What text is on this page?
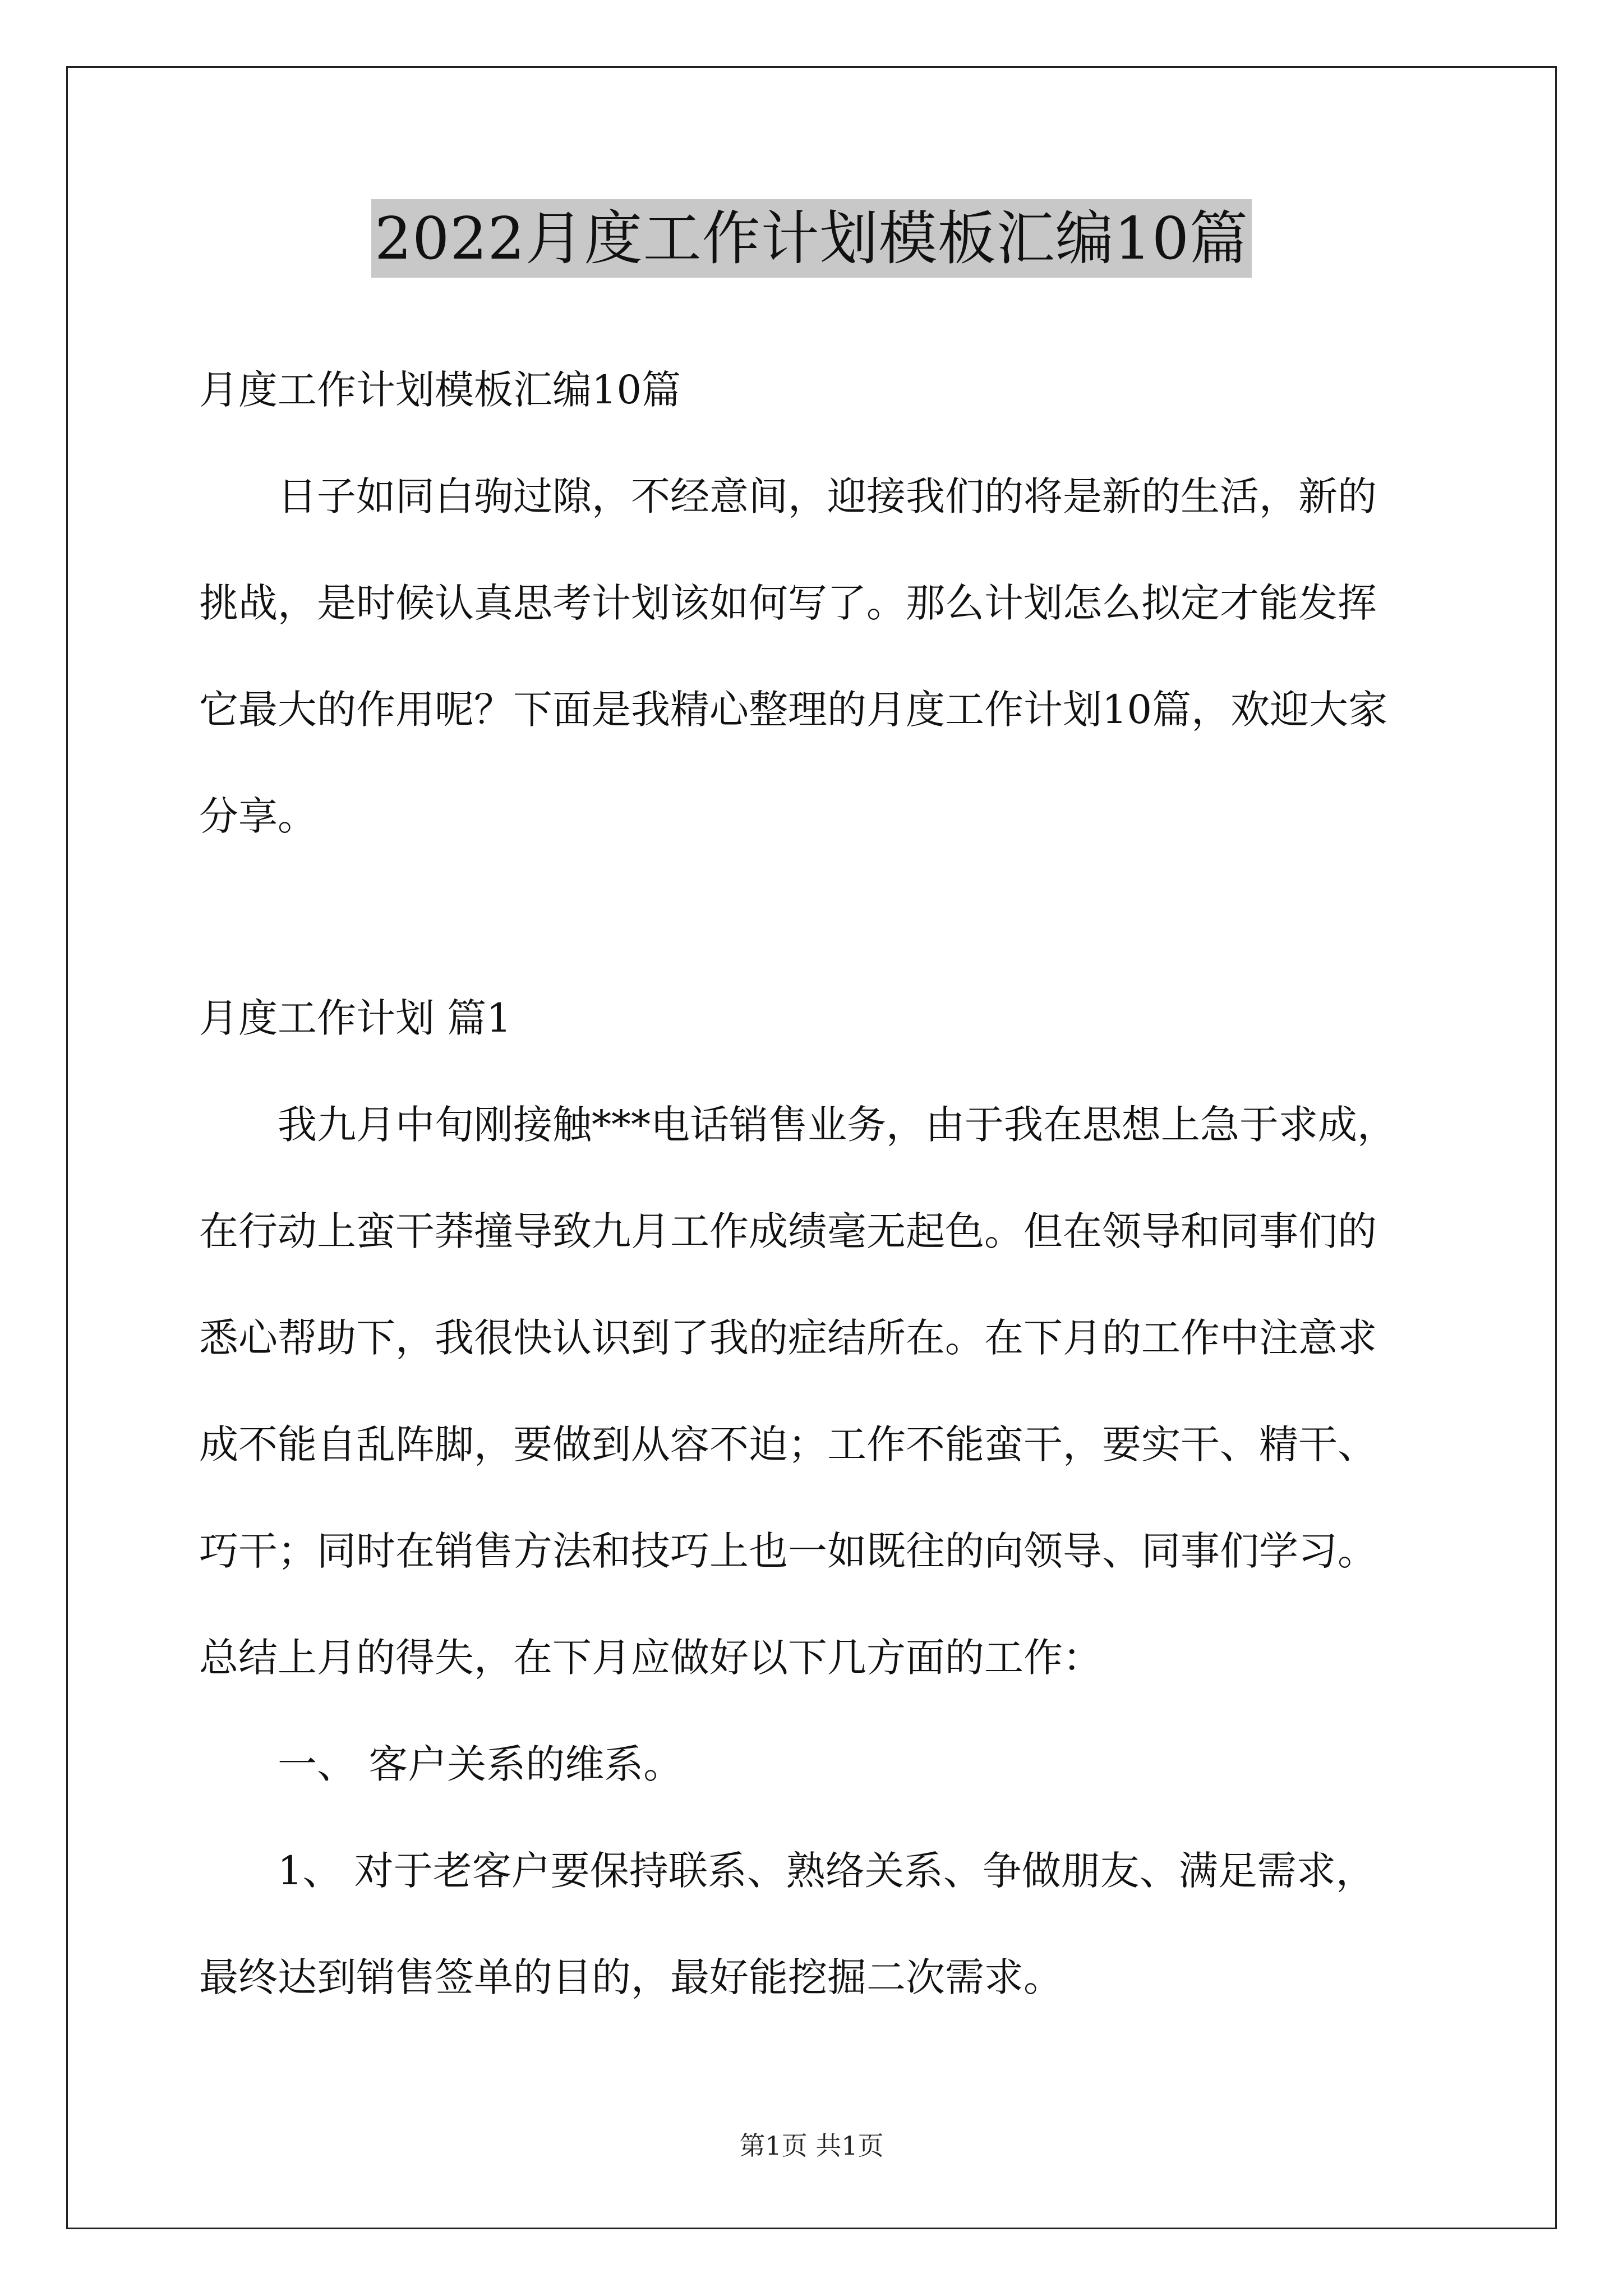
2022月度工作计划模板汇编10篇
月度工作计划模板汇编10篇
日子如同白驹过隙，不经意间，迎接我们的将是新的生活，新的
挑战，是时候认真思考计划该如何写了。那么计划怎么拟定才能发挥
它最大的作用呢？下面是我精心整理的月度工作计划10篇，欢迎大家
分享。
月度工作计划 篇1
我九月中旬刚接触***电话销售业务，由于我在思想上急于求成，
在行动上蛮干莽撞导致九月工作成绩毫无起色。但在领导和同事们的
悉心帮助下，我很快认识到了我的症结所在。在下月的工作中注意求
成不能自乱阵脚，要做到从容不迫；工作不能蛮干，要实干、精干、
巧干；同时在销售方法和技巧上也一如既往的向领导、同事们学习。
总结上月的得失，在下月应做好以下几方面的工作：
一、 客户关系的维系。
1、 对于老客户要保持联系、熟络关系、争做朋友、满足需求，
最终达到销售签单的目的，最好能挖掘二次需求。
第1页 共1页
